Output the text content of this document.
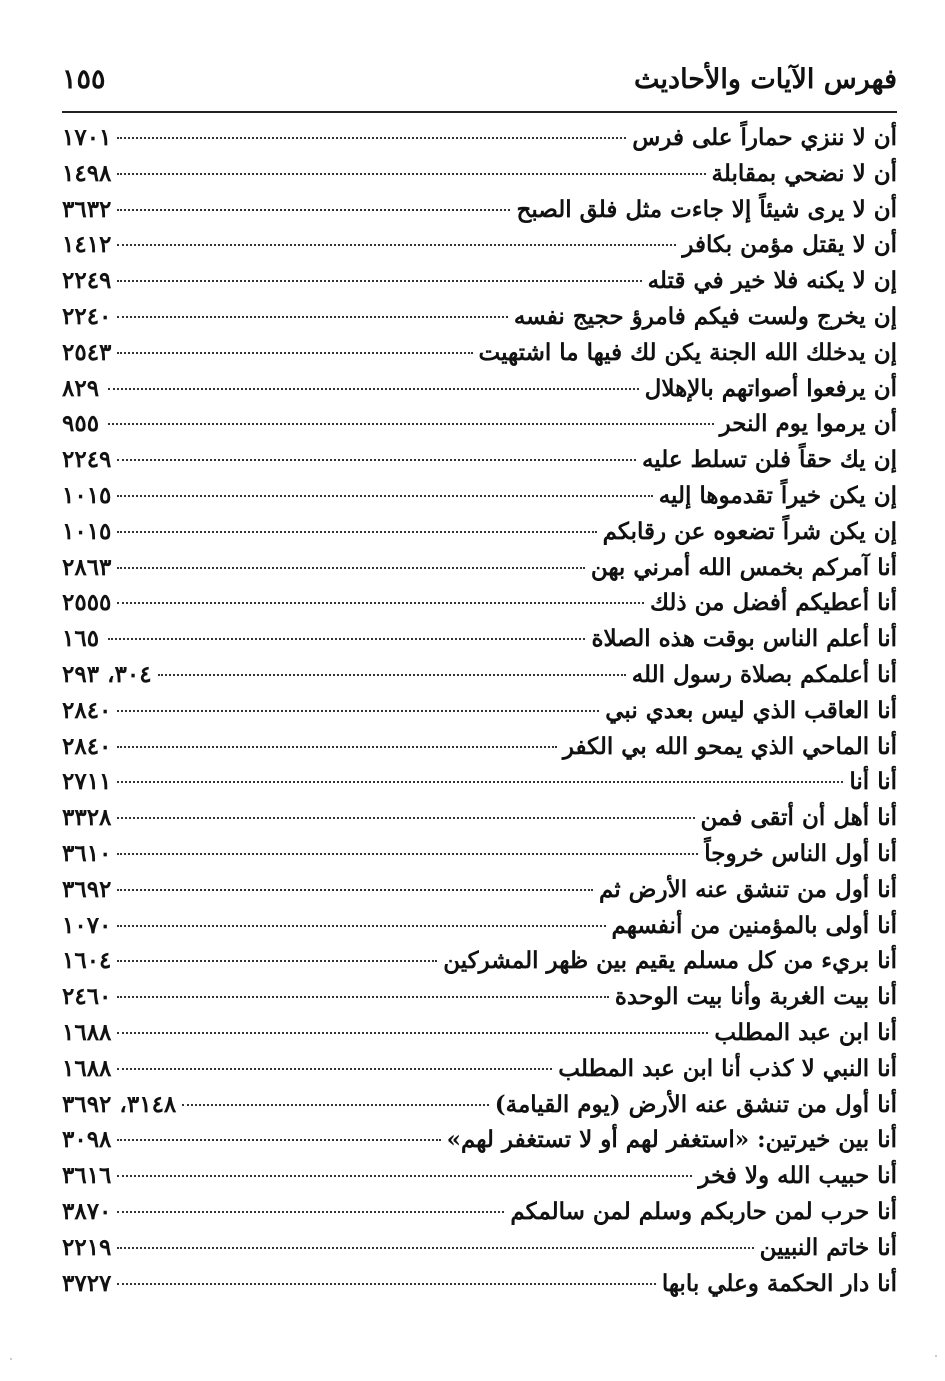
فهرس الآيات والأحاديث
١٥٥
أن لا ننزي حماراً على فرس
١٧٠١
أن لا نضحي بمقابلة
١٤٩٨
أن لا يرى شيئاً إلا جاءت مثل فلق الصبح
٣٦٣٢
أن لا يقتل مؤمن بكافر
١٤١٢
إن لا يكنه فلا خير في قتله
٢٢٤٩
إن يخرج ولست فيكم فامرؤ حجيج نفسه
٢٢٤٠
إن يدخلك الله الجنة يكن لك فيها ما اشتهيت
٢٥٤٣
أن يرفعوا أصواتهم بالإهلال
٨٢٩
أن يرموا يوم النحر
٩٥٥
إن يك حقاً فلن تسلط عليه
٢٢٤٩
إن يكن خيراً تقدموها إليه
١٠١٥
إن يكن شراً تضعوه عن رقابكم
١٠١٥
أنا آمركم بخمس الله أمرني بهن
٢٨٦٣
أنا أعطيكم أفضل من ذلك
٢٥٥٥
أنا أعلم الناس بوقت هذه الصلاة
١٦٥
أنا أعلمكم بصلاة رسول الله
٣٠٤، ٢٩٣
أنا العاقب الذي ليس بعدي نبي
٢٨٤٠
أنا الماحي الذي يمحو الله بي الكفر
٢٨٤٠
أنا أنا
٢٧١١
أنا أهل أن أتقى فمن
٣٣٢٨
أنا أول الناس خروجاً
٣٦١٠
أنا أول من تنشق عنه الأرض ثم
٣٦٩٢
أنا أولى بالمؤمنين من أنفسهم
١٠٧٠
أنا بريء من كل مسلم يقيم بين ظهر المشركين
١٦٠٤
أنا بيت الغربة وأنا بيت الوحدة
٢٤٦٠
أنا ابن عبد المطلب
١٦٨٨
أنا النبي لا كذب أنا ابن عبد المطلب
١٦٨٨
أنا أول من تنشق عنه الأرض (يوم القيامة)
٣١٤٨، ٣٦٩٢
أنا بين خيرتين: «استغفر لهم أو لا تستغفر لهم»
٣٠٩٨
أنا حبيب الله ولا فخر
٣٦١٦
أنا حرب لمن حاربكم وسلم لمن سالمكم
٣٨٧٠
أنا خاتم النبيين
٢٢١٩
أنا دار الحكمة وعلي بابها
٣٧٢٧
